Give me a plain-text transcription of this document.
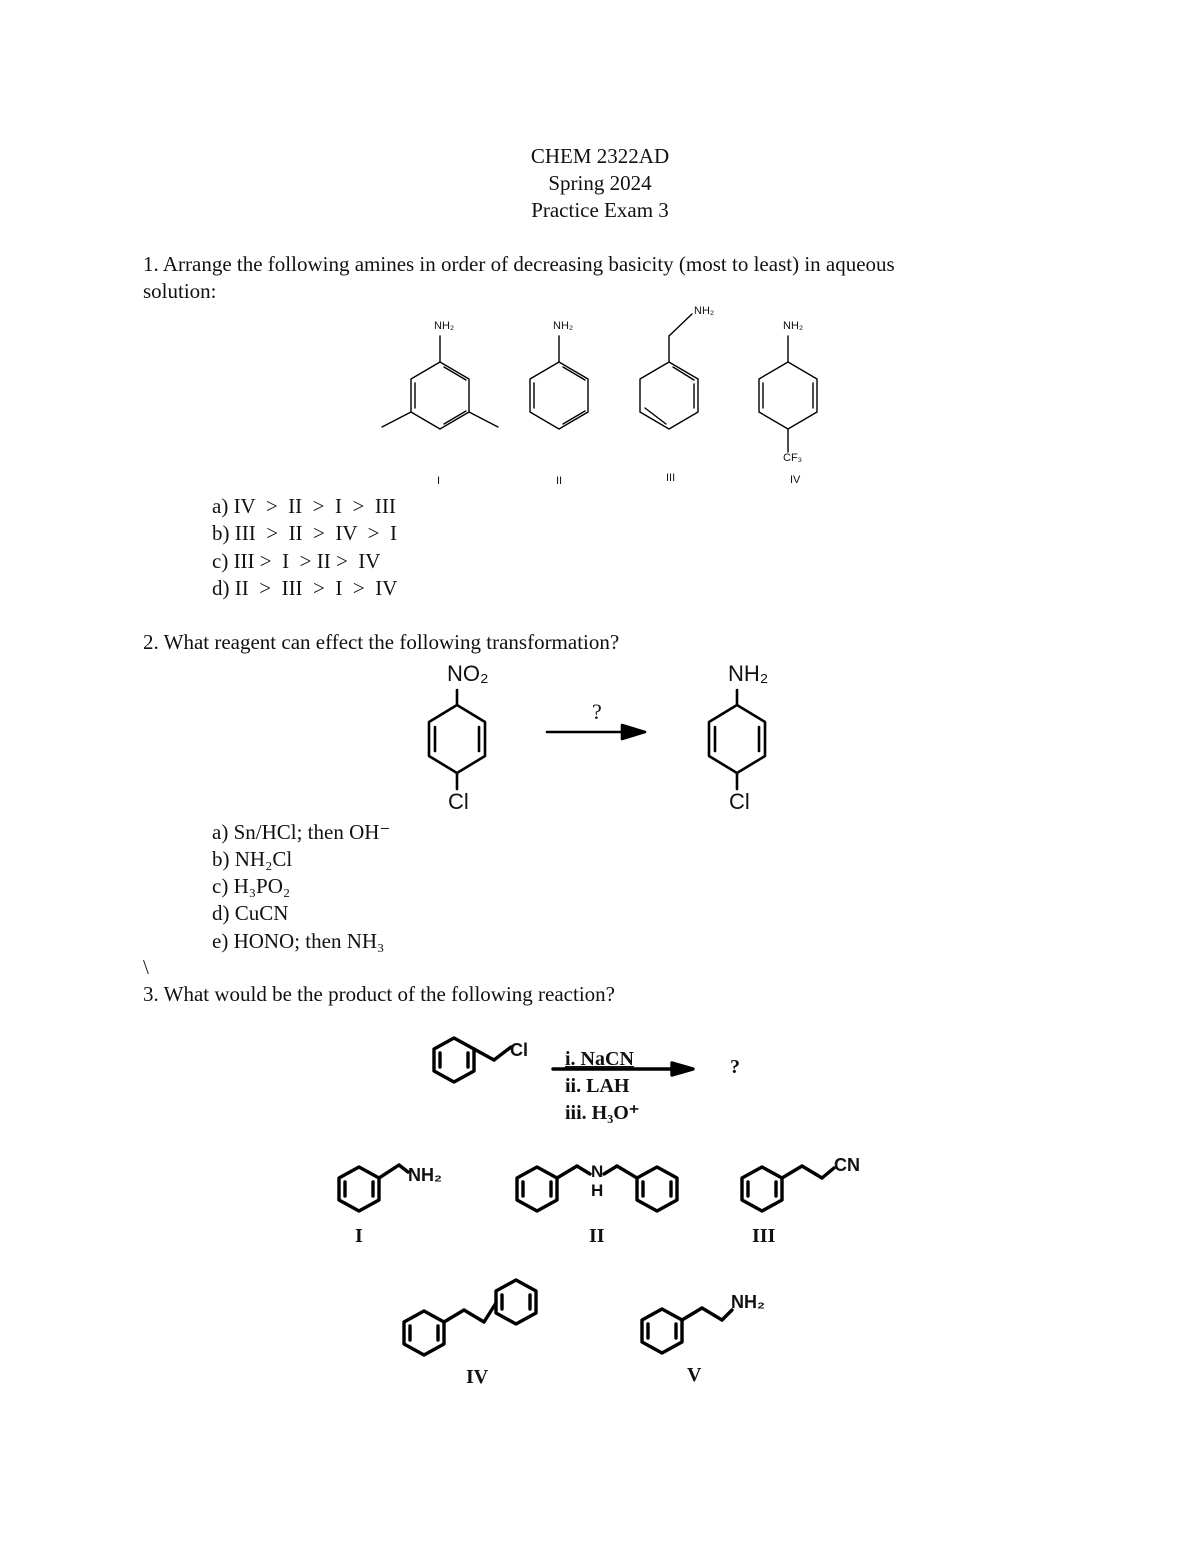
CHEM 2322AD
Spring 2024
Practice Exam 3
1. Arrange the following amines in order of decreasing basicity (most to least) in aqueous
solution:
NH₂	NH₂
NH₂
NH₂
CF₃
I	II	III	IV
a) IV  >  II  >  I  >  III
b) III  >  II  >  IV  >  I
c) III >  I  > II >  IV
d) II  >  III  >  I  >  IV
2. What reagent can effect the following transformation?
NO₂
Cl
?
NH₂
Cl
a) Sn/HCl; then OH⁻
b) NH₂Cl
c) H₃PO₂
d) CuCN
e) HONO; then NH₃
\
3. What would be the product of the following reaction?
Cl i. NaCN
ii. LAH
iii. H₃O⁺
?
NH₂	N
H
CN
NH₂
I	II	III
IV	V
